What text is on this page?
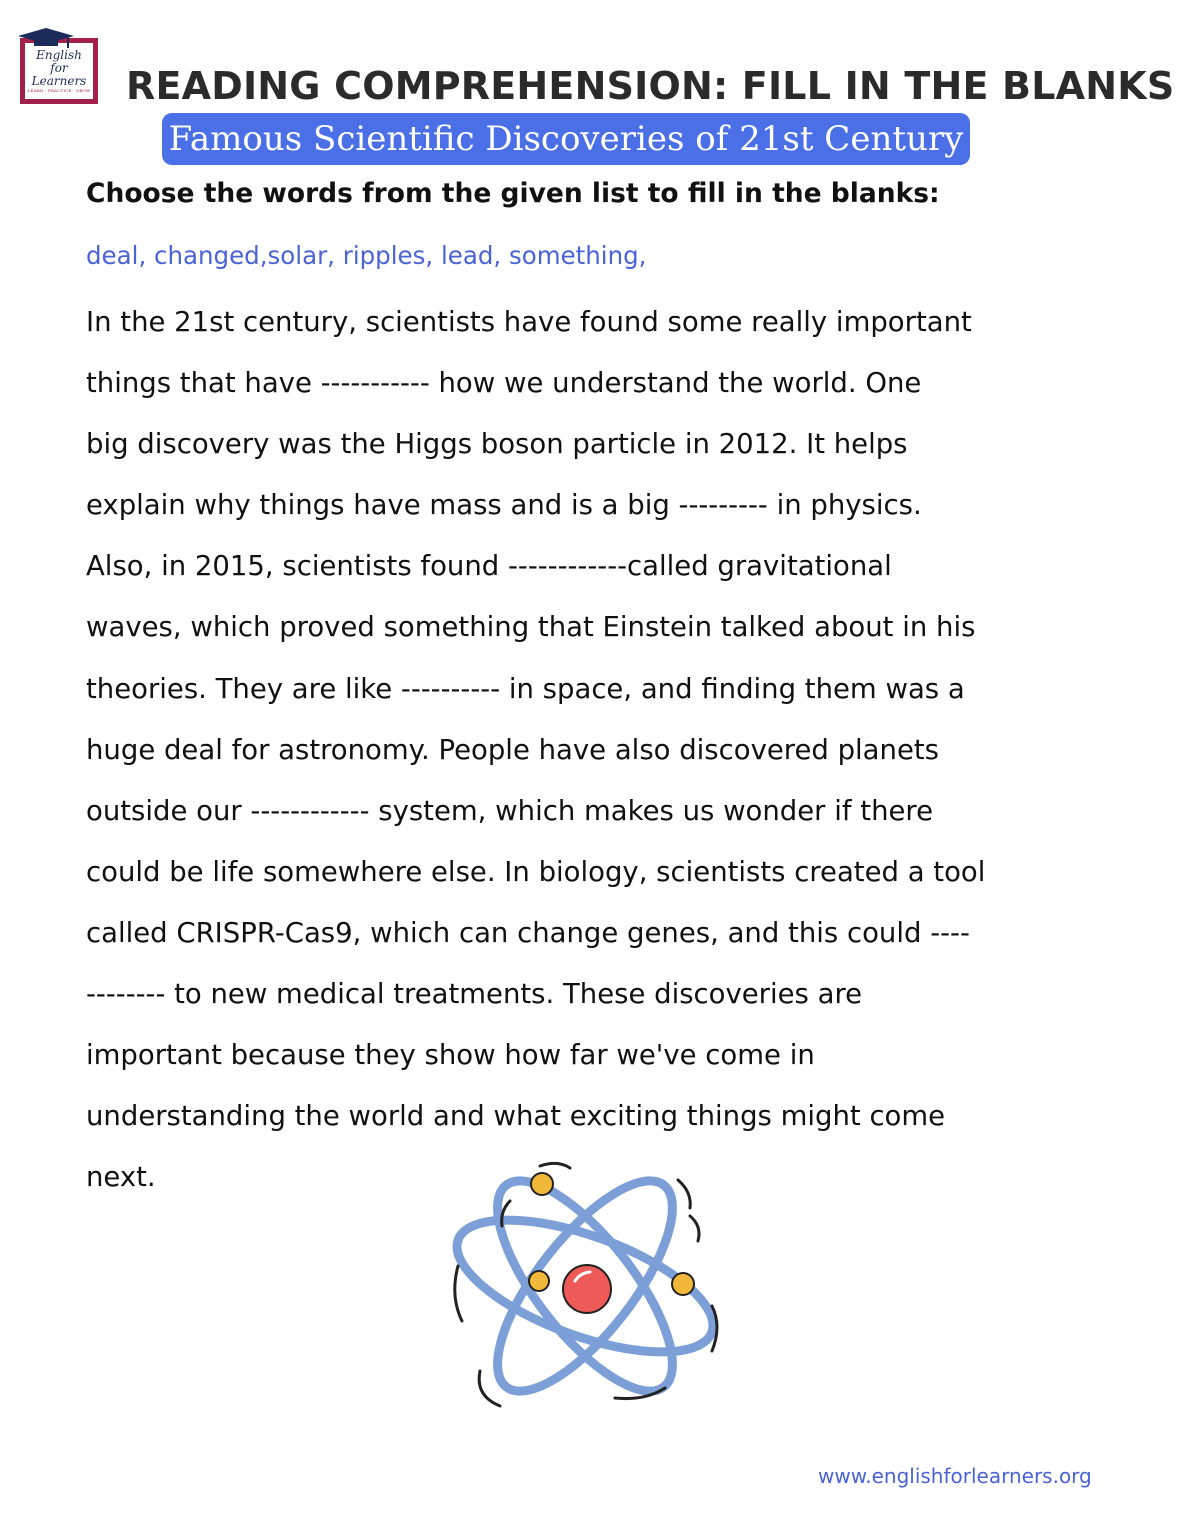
English
for
Learners
LEARN · PRACTICE · GROW READING COMPREHENSION: FILL IN THE BLANKS
Famous Scientific Discoveries of 21st Century
Choose the words from the given list to fill in the blanks:
deal, changed,solar, ripples, lead, something,
In the 21st century, scientists have found some really important
things that have ----------- how we understand the world. One
big discovery was the Higgs boson particle in 2012. It helps
explain why things have mass and is a big --------- in physics.
Also, in 2015, scientists found ------------called gravitational
waves, which proved something that Einstein talked about in his
theories. They are like ---------- in space, and finding them was a
huge deal for astronomy. People have also discovered planets
outside our ------------ system, which makes us wonder if there
could be life somewhere else. In biology, scientists created a tool
called CRISPR-Cas9, which can change genes, and this could ----
-------- to new medical treatments. These discoveries are
important because they show how far we've come in
understanding the world and what exciting things might come
next.
www.englishforlearners.org
